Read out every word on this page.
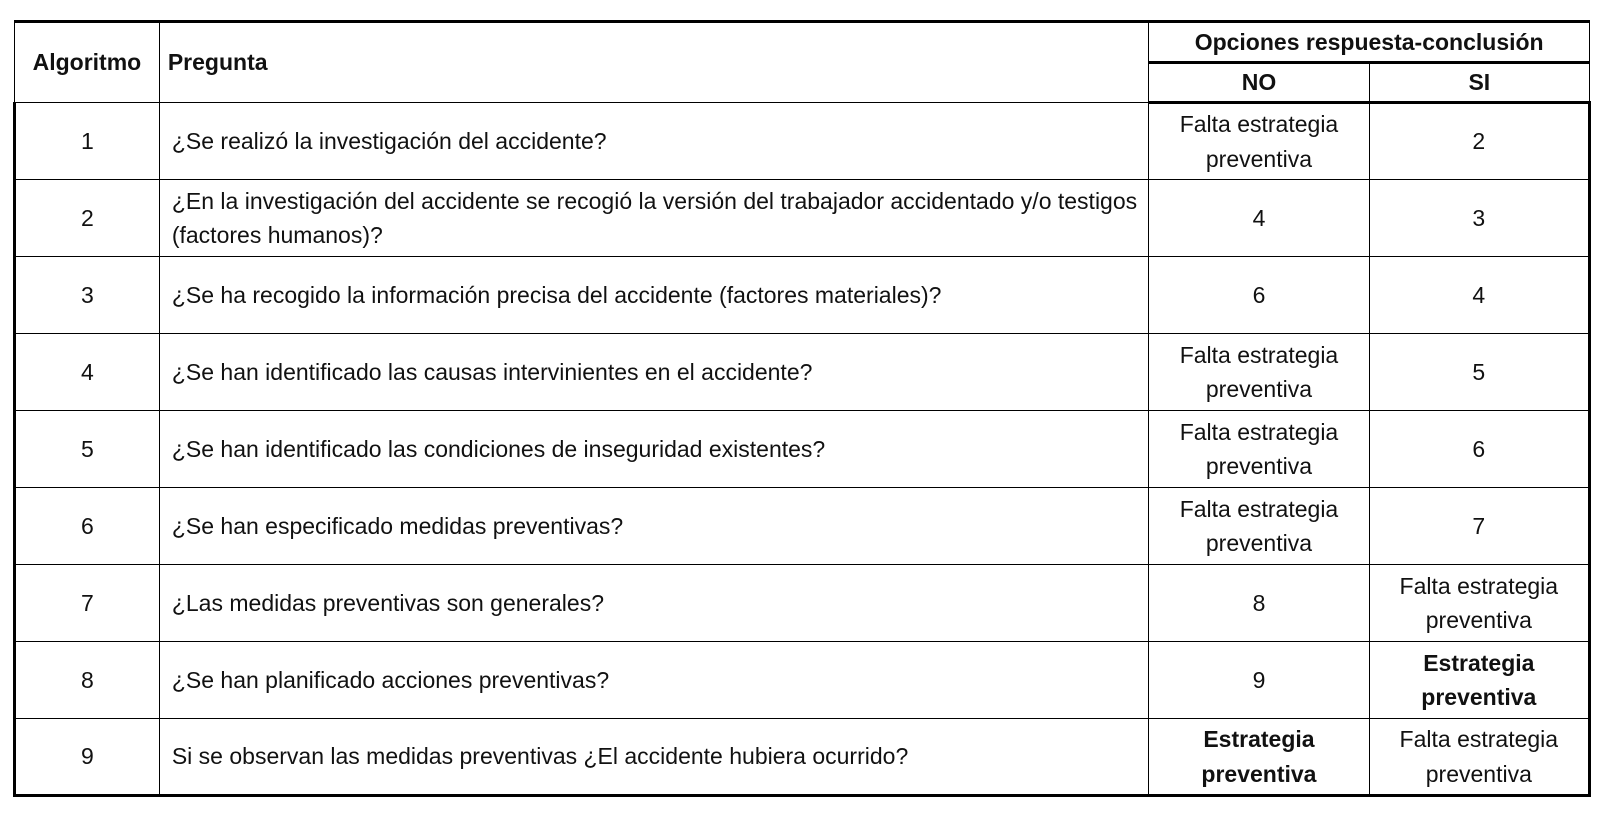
Algoritmo	Pregunta	Opciones respuesta-conclusión	
		NO	SI
1	¿Se realizó la investigación del accidente?	Falta estrategia preventiva	2
2	¿En la investigación del accidente se recogió la versión del trabajador accidentado y/o testigos (factores humanos)?	4	3
3	¿Se ha recogido la información precisa del accidente (factores materiales)?	6	4
4	¿Se han identificado las causas intervinientes en el accidente?	Falta estrategia preventiva	5
5	¿Se han identificado las condiciones de inseguridad existentes?	Falta estrategia preventiva	6
6	¿Se han especificado medidas preventivas?	Falta estrategia preventiva	7
7	¿Las medidas preventivas son generales?	8	Falta estrategia preventiva
8	¿Se han planificado acciones preventivas?	9	Estrategia preventiva
9	Si se observan las medidas preventivas ¿El accidente hubiera ocurrido?	Estrategia preventiva	Falta estrategia preventiva
